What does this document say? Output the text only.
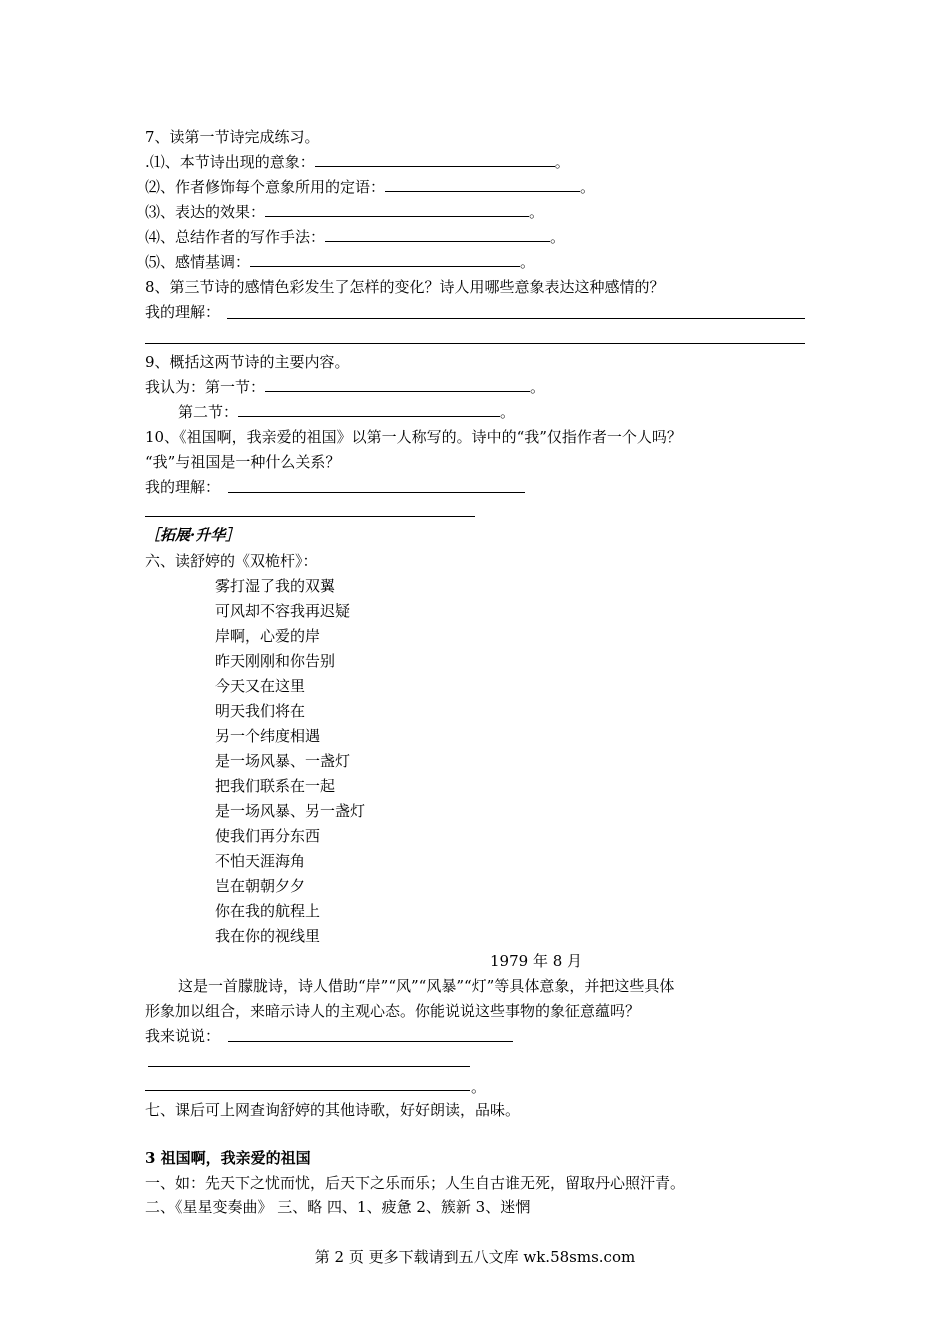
7、读第一节诗完成练习。
.⑴、本节诗出现的意象：	。
⑵、作者修饰每个意象所用的定语：	。
⑶、表达的效果：	。
⑷、总结作者的写作手法：	。
⑸、感情基调：	。
8、第三节诗的感情色彩发生了怎样的变化？诗人用哪些意象表达这种感情的？
我的理解：
9、概括这两节诗的主要内容。
我认为：第一节：	。
第二节：	。
10、《祖国啊，我亲爱的祖国》以第一人称写的。诗中的“我”仅指作者一个人吗？
“我”与祖国是一种什么关系？
我的理解：
［拓展·升华］
六、读舒婷的《双桅杆》：
雾打湿了我的双翼
可风却不容我再迟疑
岸啊，心爱的岸
昨天刚刚和你告别
今天又在这里
明天我们将在
另一个纬度相遇
是一场风暴、一盏灯
把我们联系在一起
是一场风暴、另一盏灯
使我们再分东西
不怕天涯海角
岂在朝朝夕夕
你在我的航程上
我在你的视线里
1979 年 8 月
这是一首朦胧诗，诗人借助“岸”“风”“风暴”“灯”等具体意象，并把这些具体
形象加以组合，来暗示诗人的主观心态。你能说说这些事物的象征意蕴吗？
我来说说：
。
七、课后可上网查询舒婷的其他诗歌，好好朗读，品味。
3 祖国啊，我亲爱的祖国
一、如：先天下之忧而忧，后天下之乐而乐；人生自古谁无死，留取丹心照汗青。
二、《星星变奏曲》 三、略 四、1、疲惫 2、簇新 3、迷惘
第 2 页 更多下载请到五八文库 wk.58sms.com
